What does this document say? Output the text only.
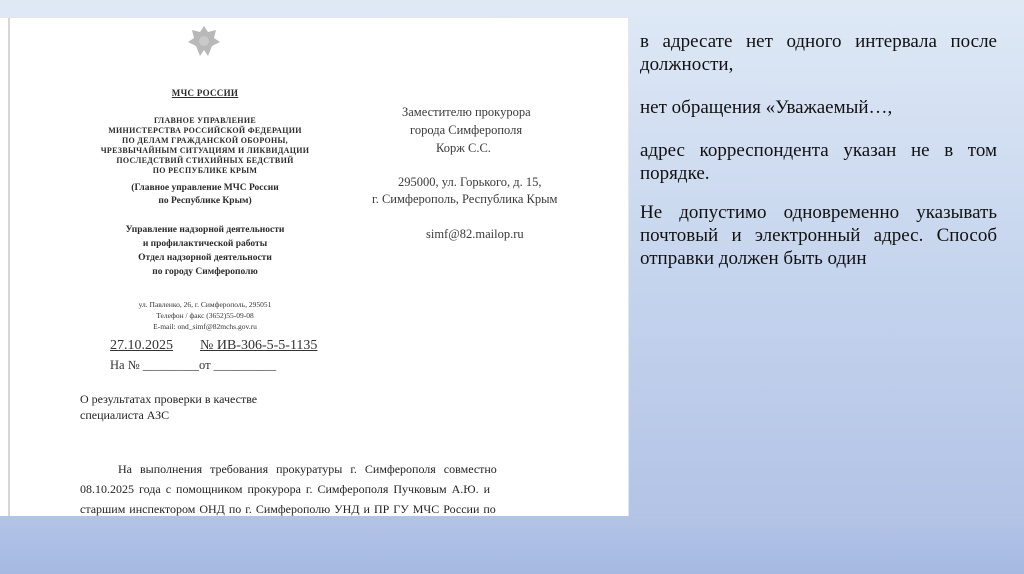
МЧС РОССИИ
ГЛАВНОЕ УПРАВЛЕНИЕ
МИНИСТЕРСТВА РОССИЙСКОЙ ФЕДЕРАЦИИ
ПО ДЕЛАМ ГРАЖДАНСКОЙ ОБОРОНЫ,
ЧРЕЗВЫЧАЙНЫМ СИТУАЦИЯМ И ЛИКВИДАЦИИ
ПОСЛЕДСТВИЙ СТИХИЙНЫХ БЕДСТВИЙ
ПО РЕСПУБЛИКЕ КРЫМ
(Главное управление МЧС России
по Республике Крым)
Управление надзорной деятельности
и профилактической работы
Отдел надзорной деятельности
по городу Симферополю
ул. Павленко, 26, г. Симферополь, 295051
Телефон / факс (3652)55-09-08
E-mail: ond_simf@82mchs.gov.ru
27.10.2025 № ИВ-306-5-5-1135
На № _________от __________
Заместителю прокурора
города Симферополя
Корж С.С.
295000, ул. Горького, д. 15,
г. Симферополь, Республика Крым
simf@82.mailop.ru
О результатах проверки в качестве
специалиста АЗС
На выполнения требования прокуратуры г. Симферополя совместно
08.10.2025 года с помощником прокурора г. Симферополя Пучковым А.Ю. и
старшим инспектором ОНД по г. Симферополю УНД и ПР ГУ МЧС России по

в адресате нет одного интервала после должности,

нет обращения «Уважаемый…,

адрес корреспондента указан не в том порядке.

Не допустимо одновременно указывать почтовый и электронный адрес. Способ отправки должен быть один
